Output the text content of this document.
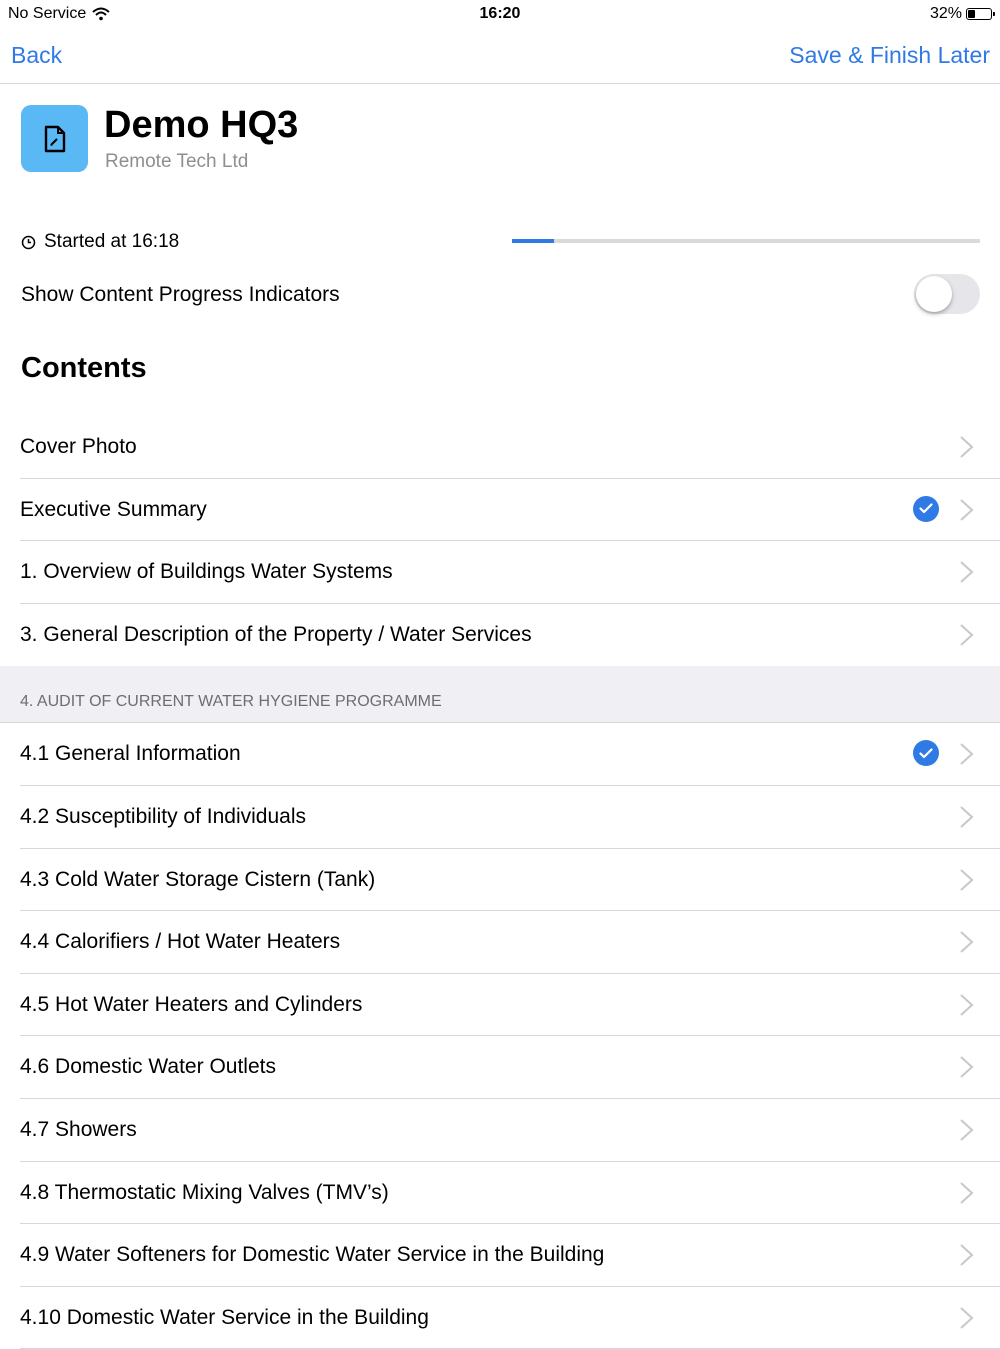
No Service	16:20	32%
Back	Save & Finish Later
Demo HQ3
Remote Tech Ltd
Started at 16:18
Show Content Progress Indicators
Contents
Cover Photo
Executive Summary
1. Overview of Buildings Water Systems
3. General Description of the Property / Water Services
4. AUDIT OF CURRENT WATER HYGIENE PROGRAMME
4.1 General Information
4.2 Susceptibility of Individuals
4.3 Cold Water Storage Cistern (Tank)
4.4 Calorifiers / Hot Water Heaters
4.5 Hot Water Heaters and Cylinders
4.6 Domestic Water Outlets
4.7 Showers
4.8 Thermostatic Mixing Valves (TMV’s)
4.9 Water Softeners for Domestic Water Service in the Building
4.10 Domestic Water Service in the Building
